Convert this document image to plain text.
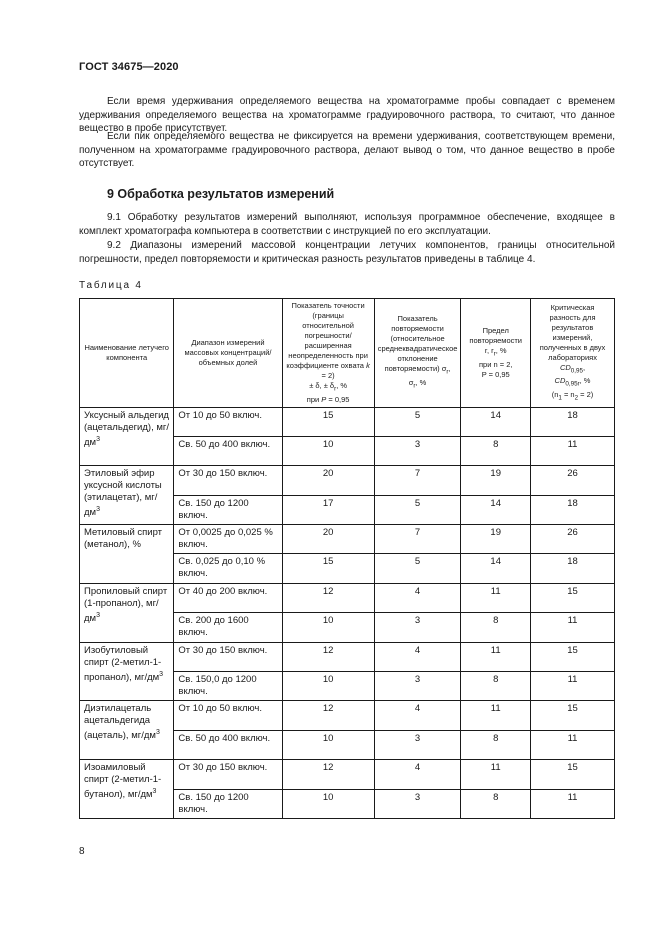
ГОСТ 34675—2020

Если время удерживания определяемого вещества на хроматограмме пробы совпадает с временем удерживания определяемого вещества на хроматограмме градуировочного раствора, то считают, что данное вещество в пробе присутствует.

Если пик определяемого вещества не фиксируется на времени удерживания, соответствующем времени, полученном на хроматограмме градуировочного раствора, делают вывод о том, что данное вещество в пробе отсутствует.

9 Обработка результатов измерений

9.1 Обработку результатов измерений выполняют, используя программное обеспечение, входящее в комплект хроматографа компьютера в соответствии с инструкцией по его эксплуатации.

9.2 Диапазоны измерений массовой концентрации летучих компонентов, границы относительной погрешности, предел повторяемости и критическая разность результатов приведены в таблице 4.

Таблица 4
Наименование летучего компонента	Диапазон измерений массовых концентраций/ объемных долей	Показатель точности (границы относительной погрешности/расширенная неопределенность при коэффициенте охвата k = 2)
± δ, ± $\delta_r$, %
при P = 0,95	Показатель повторяемости (относительное среднеквадратическое отклонение повторяемости) $\sigma_r$,
$\sigma_r$, %	Предел повторяемости
r, $r_r$, %
при n = 2,
P = 0,95	Критическая разность для результатов измерений, полученных в двух лабораториях
$CD_{0,95}$,
$CD_{0,95r}$, %
$(n_1 = n_2 = 2)$
Уксусный альдегид (ацетальдегид), $мг/дм^3$	От 10 до 50 включ.	15	5	14	18
	Св. 50 до 400 включ.	10	3	8	11
Этиловый эфир уксусной кислоты (этилацетат), $мг/дм^3$	От 30 до 150 включ.	20	7	19	26
	Св. 150 до 1200 включ.	17	5	14	18
Метиловый спирт (метанол), %	От 0,0025 до 0,025 % включ.	20	7	19	26
	Св. 0,025 до 0,10 % включ.	15	5	14	18
Пропиловый спирт (1-пропанол), $мг/дм^3$	От 40 до 200 включ.	12	4	11	15
	Св. 200 до 1600 включ.	10	3	8	11
Изобутиловый спирт (2-метил-1-пропанол), $мг/дм^3$	От 30 до 150 включ.	12	4	11	15
	Св. 150,0 до 1200 включ.	10	3	8	11
Диэтилацеталь ацетальдегида (ацеталь), $мг/дм^3$	От 10 до 50 включ.	12	4	11	15
	Св. 50 до 400 включ.	10	3	8	11
Изоамиловый спирт (2-метил-1-бутанол), $мг/дм^3$	От 30 до 150 включ.	12	4	11	15
	Св. 150 до 1200 включ.	10	3	8	11
8
